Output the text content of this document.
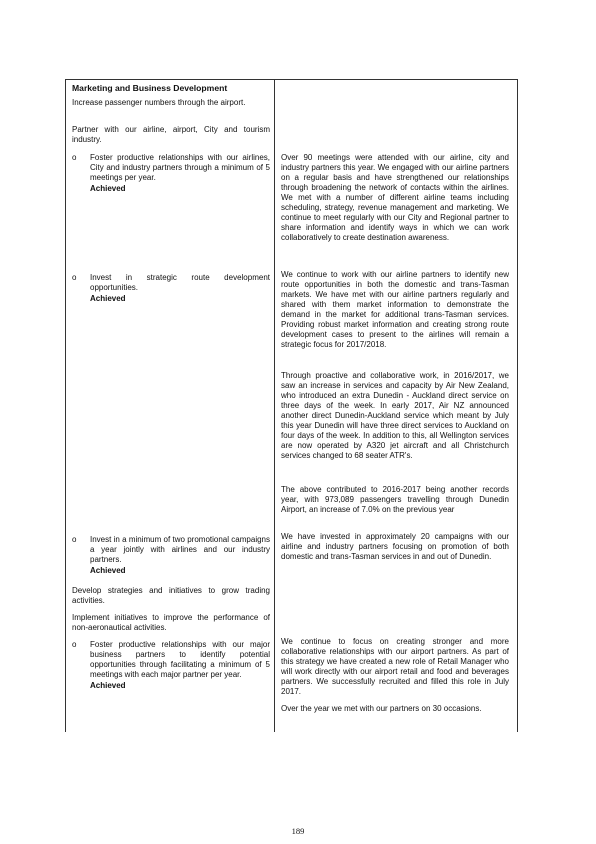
Marketing and Business Development
Increase passenger numbers through the airport.
Partner with our airline, airport, City and tourism industry.
o Foster productive relationships with our airlines, City and industry partners through a minimum of 5 meetings per year.
Achieved
Over 90 meetings were attended with our airline, city and industry partners this year. We engaged with our airline partners on a regular basis and have strengthened our relationships through broadening the network of contacts within the airlines. We met with a number of different airline teams including scheduling, strategy, revenue management and marketing. We continue to meet regularly with our City and Regional partner to share information and identify ways in which we can work collaboratively to create destination awareness.
o Invest in strategic route development opportunities.
Achieved
We continue to work with our airline partners to identify new route opportunities in both the domestic and trans-Tasman markets. We have met with our airline partners regularly and shared with them market information to demonstrate the demand in the market for additional trans-Tasman services. Providing robust market information and creating strong route development cases to present to the airlines will remain a strategic focus for 2017/2018.
Through proactive and collaborative work, in 2016/2017, we saw an increase in services and capacity by Air New Zealand, who introduced an extra Dunedin - Auckland direct service on three days of the week. In early 2017, Air NZ announced another direct Dunedin-Auckland service which meant by July this year Dunedin will have three direct services to Auckland on four days of the week. In addition to this, all Wellington services are now operated by A320 jet aircraft and all Christchurch services changed to 68 seater ATR's.
The above contributed to 2016-2017 being another records year, with 973,089 passengers travelling through Dunedin Airport, an increase of 7.0% on the previous year
o Invest in a minimum of two promotional campaigns a year jointly with airlines and our industry partners.
Achieved
We have invested in approximately 20 campaigns with our airline and industry partners focusing on promotion of both domestic and trans-Tasman services in and out of Dunedin.
Develop strategies and initiatives to grow trading activities.
Implement initiatives to improve the performance of non-aeronautical activities.
o Foster productive relationships with our major business partners to identify potential opportunities through facilitating a minimum of 5 meetings with each major partner per year.
Achieved
We continue to focus on creating stronger and more collaborative relationships with our airport partners. As part of this strategy we have created a new role of Retail Manager who will work directly with our airport retail and food and beverages partners. We successfully recruited and filled this role in July 2017.
Over the year we met with our partners on 30 occasions.
189
